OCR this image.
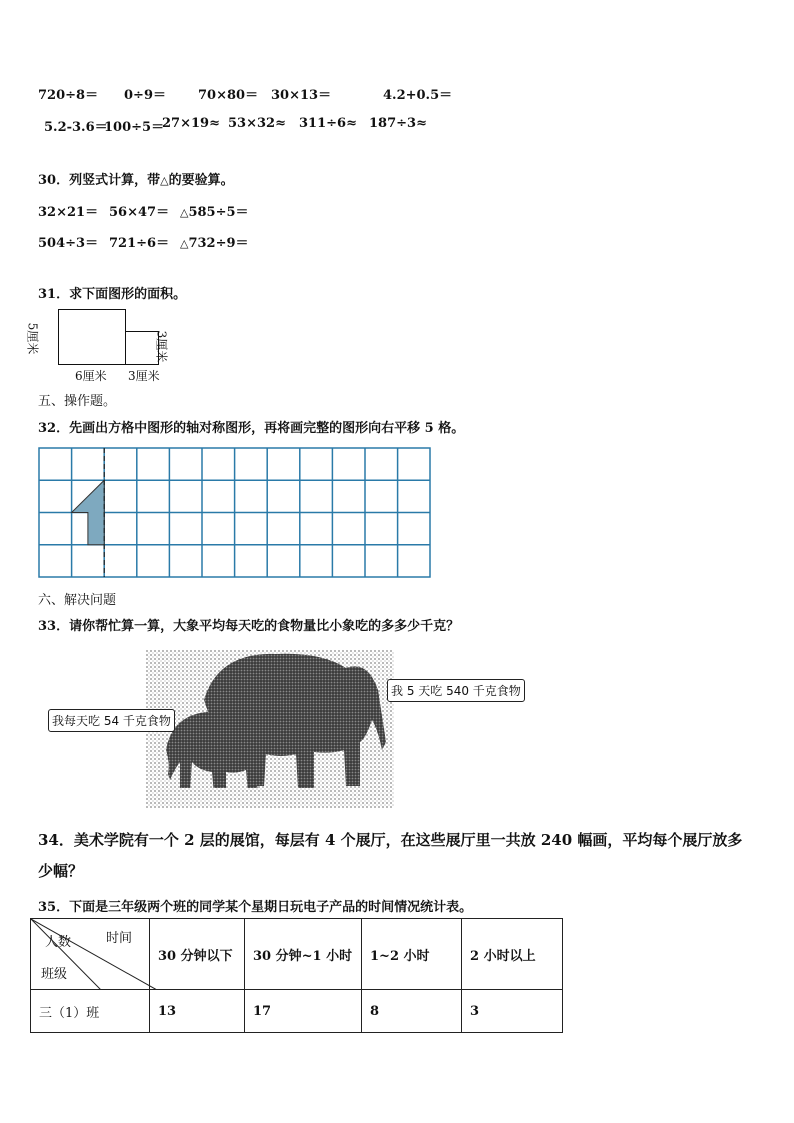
720÷8＝ 0÷9＝ 70×80＝ 30×13＝	4.2+0.5＝
5.2-3.6＝
100÷5＝
27×19≈ 53×32≈ 311÷6≈ 187÷3≈
30．列竖式计算，带△的要验算。
32×21＝ 56×47＝ △585÷5＝
504÷3＝ 721÷6＝ △732÷9＝
31．求下面图形的面积。
5厘米
6厘米 3厘米
3厘米
五、操作题。
32．先画出方格中图形的轴对称图形，再将画完整的图形向右平移 5 格。
六、解决问题
33．请你帮忙算一算，大象平均每天吃的食物量比小象吃的多多少千克？
我每天吃 54 千克食物
我 5 天吃 540 千克食物
34．美术学院有一个 2 层的展馆，每层有 4 个展厅，在这些展厅里一共放 240 幅画，平均每个展厅放多
少幅？
35．下面是三年级两个班的同学某个星期日玩电子产品的时间情况统计表。
时间
人数
班级	30 分钟以下	30 分钟~1 小时	1~2 小时	2 小时以上
三（1）班	13	17	8	3
